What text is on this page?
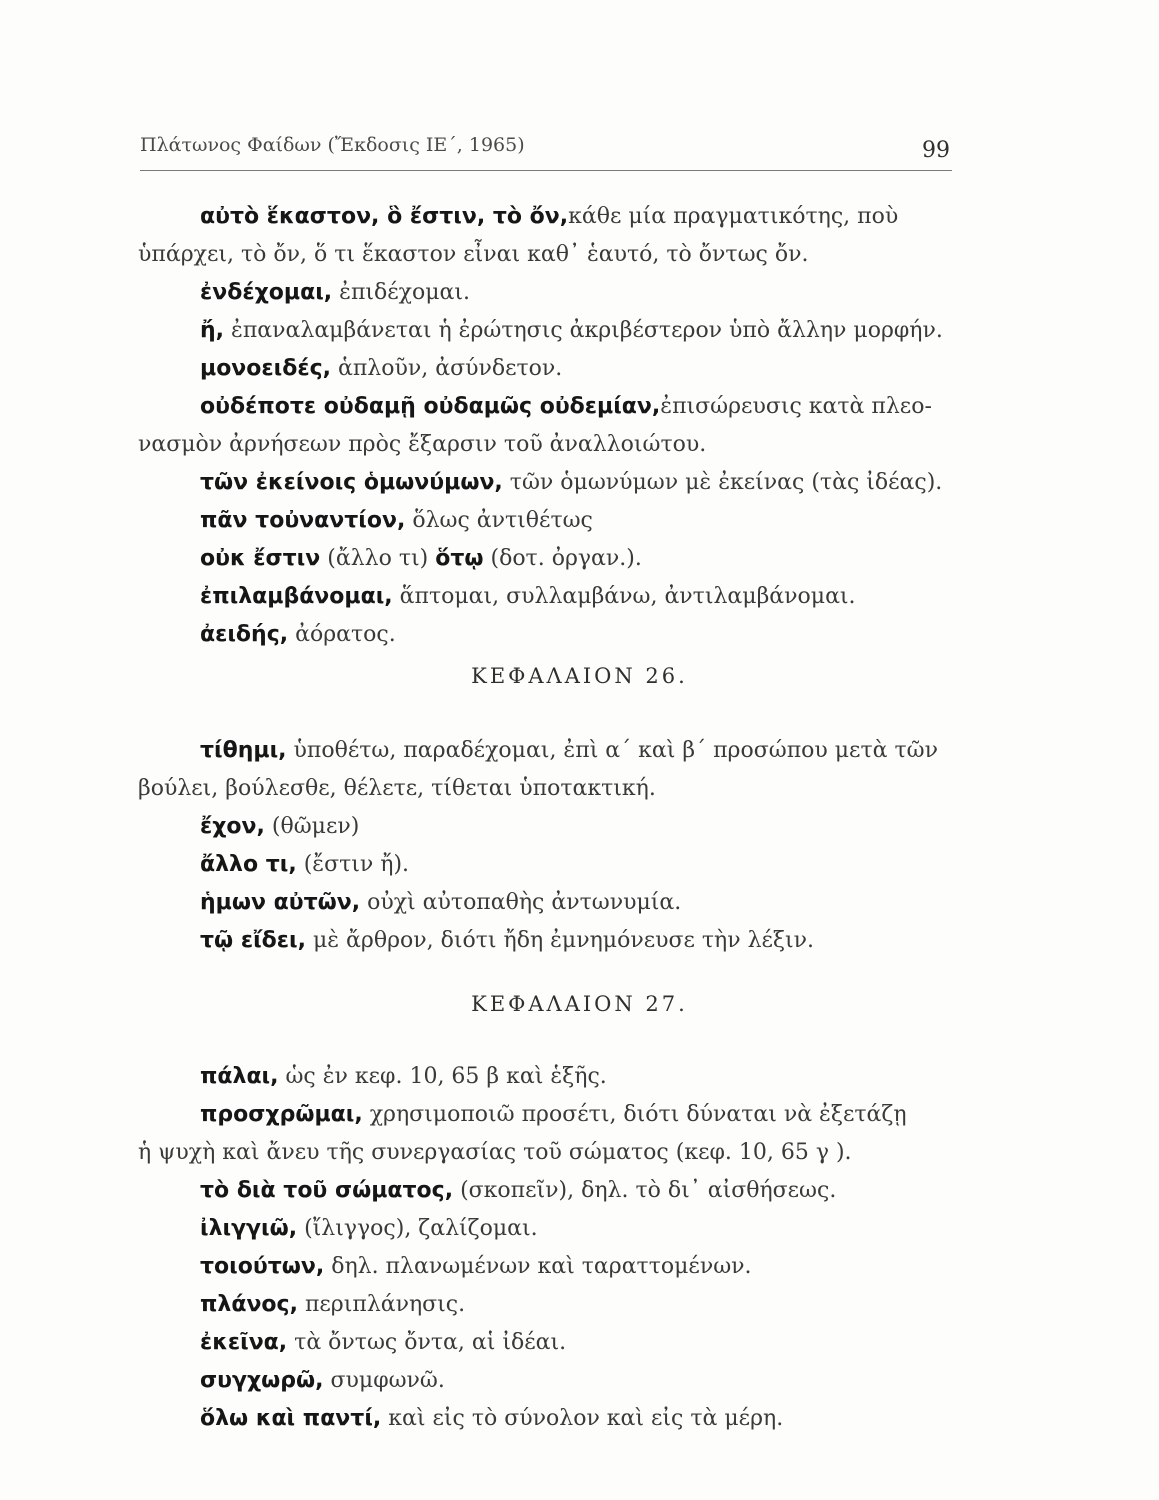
Πλάτωνος Φαίδων (Ἔκδοσις ΙΕ΄, 1965)	99

αὐτὸ ἕκαστον, ὃ ἔστιν, τὸ ὄν,κάθε μία πραγματικότης, ποὺ

ὑπάρχει, τὸ ὄν, ὅ τι ἕκαστον εἶναι καθ᾽ ἑαυτό, τὸ ὄντως ὄν.

ἐνδέχομαι, ἐπιδέχομαι.

ἤ, ἐπαναλαμβάνεται ἡ ἐρώτησις ἀκριβέστερον ὑπὸ ἄλλην μορφήν.

μονοειδές, ἁπλοῦν, ἀσύνδετον.

οὐδέποτε οὐδαμῇ οὐδαμῶς οὐδεμίαν,ἐπισώρευσις κατὰ πλεο-

νασμὸν ἀρνήσεων πρὸς ἔξαρσιν τοῦ ἀναλλοιώτου.

τῶν ἐκείνοις ὁμωνύμων, τῶν ὁμωνύμων μὲ ἐκείνας (τὰς ἰδέας).

πᾶν τοὐναντίον, ὅλως ἀντιθέτως

οὐκ ἔστιν (ἄλλο τι) ὅτῳ (δοτ. ὀργαν.).

ἐπιλαμβάνομαι, ἅπτομαι, συλλαμβάνω, ἀντιλαμβάνομαι.

ἀειδής, ἀόρατος.

ΚΕΦΑΛΑΙΟΝ 26.

τίθημι, ὑποθέτω, παραδέχομαι, ἐπὶ α΄ καὶ β΄ προσώπου μετὰ τῶν

βούλει, βούλεσθε, θέλετε, τίθεται ὑποτακτική.

ἔχον, (θῶμεν)

ἄλλο τι, (ἔστιν ἤ).

ἡμων αὐτῶν, οὐχὶ αὐτοπαθὴς ἀντωνυμία.

τῷ εἴδει, μὲ ἄρθρον, διότι ἤδη ἐμνημόνευσε τὴν λέξιν.

ΚΕΦΑΛΑΙΟΝ 27.

πάλαι, ὡς ἐν κεφ. 10, 65 β καὶ ἑξῆς.

προσχρῶμαι, χρησιμοποιῶ προσέτι, διότι δύναται νὰ ἐξετάζῃ

ἡ ψυχὴ καὶ ἄνευ τῆς συνεργασίας τοῦ σώματος (κεφ. 10, 65 γ ).

τὸ διὰ τοῦ σώματος, (σκοπεῖν), δηλ. τὸ δι᾽ αἰσθήσεως.

ἰλιγγιῶ, (ἴλιγγος), ζαλίζομαι.

τοιούτων, δηλ. πλανωμένων καὶ ταραττομένων.

πλάνος, περιπλάνησις.

ἐκεῖνα, τὰ ὄντως ὄντα, αἱ ἰδέαι.

συγχωρῶ, συμφωνῶ.

ὅλω καὶ παντί, καὶ εἰς τὸ σύνολον καὶ εἰς τὰ μέρη.
